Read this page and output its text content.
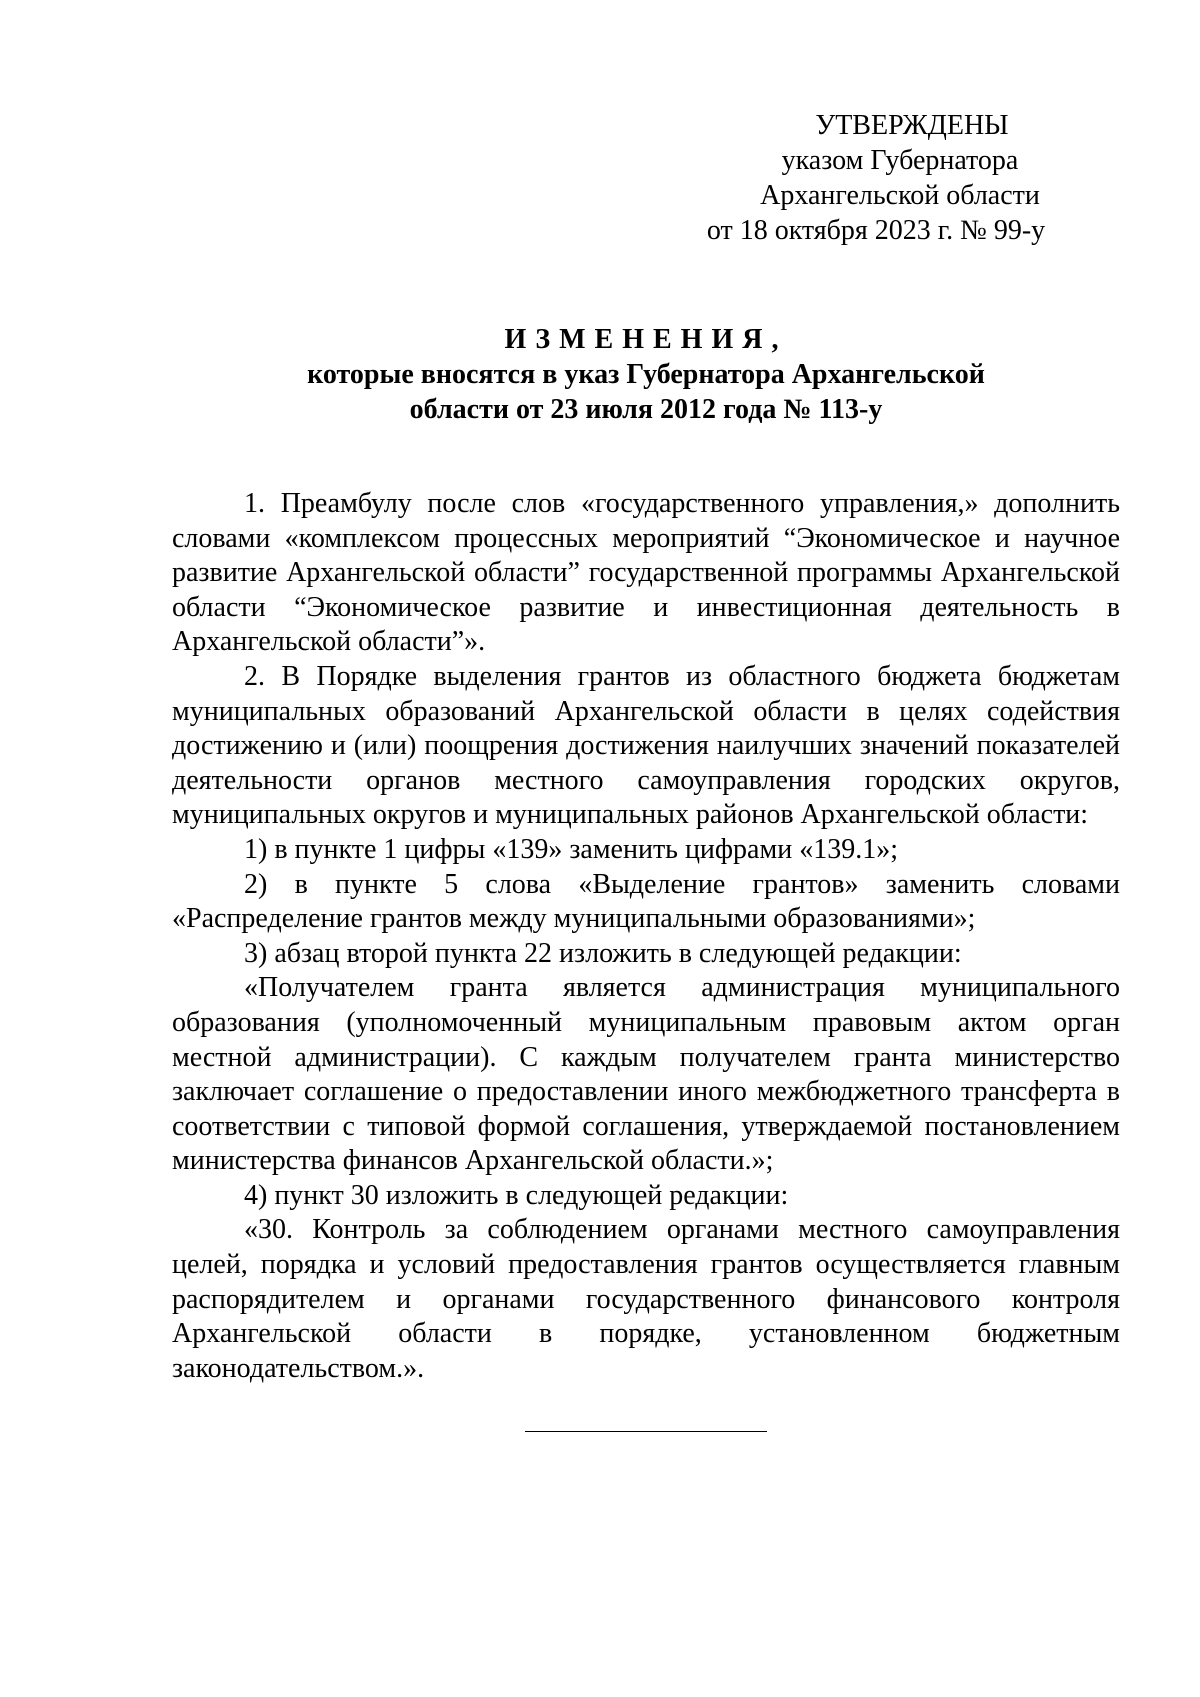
УТВЕРЖДЕНЫ
указом Губернатора
Архангельской области
от 18 октября 2023 г. № 99-у
ИЗМЕНЕНИЯ,
которые вносятся в указ Губернатора Архангельской
области от 23 июля 2012 года № 113-у

1. Преамбулу после слов «государственного управления,» дополнить словами «комплексом процессных мероприятий “Экономическое и научное развитие Архангельской области” государственной программы Архангельской области “Экономическое развитие и инвестиционная деятельность в Архангельской области”».

2. В Порядке выделения грантов из областного бюджета бюджетам муниципальных образований Архангельской области в целях содействия достижению и (или) поощрения достижения наилучших значений показателей деятельности органов местного самоуправления городских округов, муниципальных округов и муниципальных районов Архангельской области:

1) в пункте 1 цифры «139» заменить цифрами «139.1»;

2) в пункте 5 слова «Выделение грантов» заменить словами «Распределение грантов между муниципальными образованиями»;

3) абзац второй пункта 22 изложить в следующей редакции:

«Получателем гранта является администрация муниципального образования (уполномоченный муниципальным правовым актом орган местной администрации). С каждым получателем гранта министерство заключает соглашение о предоставлении иного межбюджетного трансферта в соответствии с типовой формой соглашения, утверждаемой постановлением министерства финансов Архангельской области.»;

4) пункт 30 изложить в следующей редакции:

«30. Контроль за соблюдением органами местного самоуправления целей, порядка и условий предоставления грантов осуществляется главным распорядителем и органами государственного финансового контроля Архангельской области в порядке, установленном бюджетным законодательством.».
